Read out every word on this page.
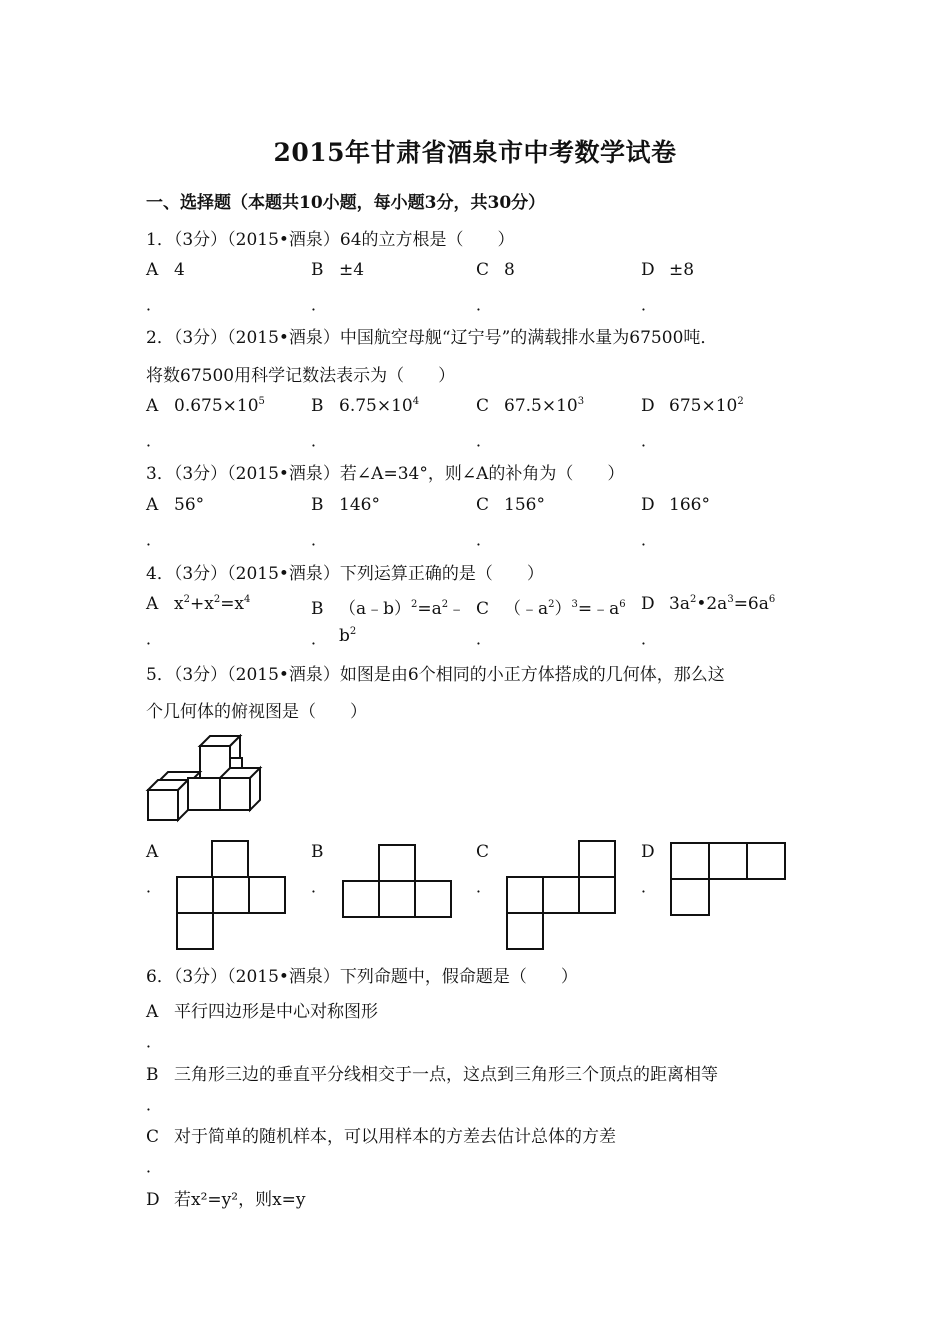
2015年甘肃省酒泉市中考数学试卷
一、选择题（本题共10小题，每小题3分，共30分）
1．（3分）（2015•酒泉）64的立方根是（　　）
A 4	B ±4	C 8	D ±8
．	．	．	．
2．（3分）（2015•酒泉）中国航空母舰“辽宁号”的满载排水量为67500吨．
将数67500用科学记数法表示为（　　）
A $0.675\times 10^5$	B $6.75\times 10^4$	C $67.5\times 10^3$	D $675\times 10^2$
．	．	．	．
3．（3分）（2015•酒泉）若∠A=34°，则∠A的补角为（　　）
A 56°	B 146°	C 156°	D 166°
．	．	．	．
4．（3分）（2015•酒泉）下列运算正确的是（　　）
A $x^2+x^2=x^4$	B $(a﹣b)^2=a^2﹣$
$b^2$
C $(﹣a^2)^3=﹣a^6$ D $3a^2•2a^3=6a^6$
．	．	．	．
5．（3分）（2015•酒泉）如图是由6个相同的小正方体搭成的几何体，那么这
个几何体的俯视图是（　　）
A
．
B
．
C
．
D
．
6．（3分）（2015•酒泉）下列命题中，假命题是（　　）
A 平行四边形是中心对称图形
．
B 三角形三边的垂直平分线相交于一点，这点到三角形三个顶点的距离相等
．
C 对于简单的随机样本，可以用样本的方差去估计总体的方差
．
D 若x²=y²，则x=y
